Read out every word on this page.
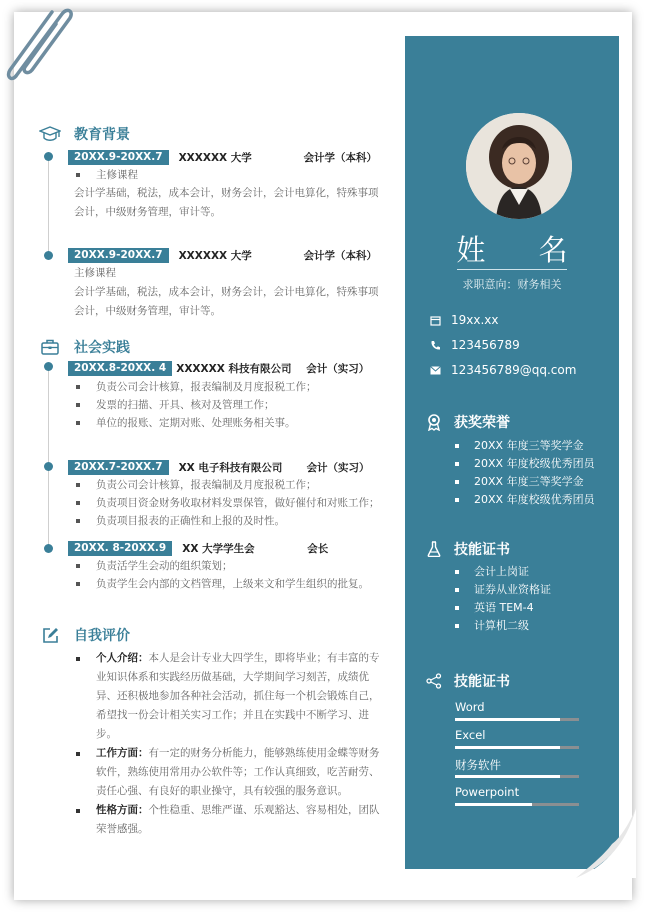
姓 名
求职意向：财务相关
19xx.xx
123456789
123456789@qq.com
获奖荣誉
20XX 年度三等奖学金
20XX 年度校级优秀团员
20XX 年度三等奖学金
20XX 年度校级优秀团员
技能证书
会计上岗证
证券从业资格证
英语 TEM-4
计算机二级
技能证书
Word
Excel
财务软件
Powerpoint
教育背景
20XX.9-20XX.7	XXXXXX 大学	会计学（本科）
主修课程
会计学基础，税法，成本会计，财务会计，会计电算化，特殊事项会计，中级财务管理，审计等。
20XX.9-20XX.7	XXXXXX 大学	会计学（本科）
主修课程
会计学基础，税法，成本会计，财务会计，会计电算化，特殊事项会计，中级财务管理，审计等。
社会实践
20XX.8-20XX. 4 XXXXXX 科技有限公司	会计（实习）
负责公司会计核算，报表编制及月度报税工作；
发票的扫描、开具、核对及管理工作；
单位的报账、定期对账、处理账务相关事。
20XX.7-20XX.7	XX 电子科技有限公司	会计（实习）
负责公司会计核算，报表编制及月度报税工作；
负责项目资金财务收取材料发票保管，做好催付和对账工作；
负责项目报表的正确性和上报的及时性。
20XX. 8-20XX.9	XX 大学学生会	会长
负责活学生会动的组织策划；
负责学生会内部的文档管理，上级来文和学生组织的批复。
自我评价
个人介绍：本人是会计专业大四学生，即将毕业；有丰富的专业知识体系和实践经历做基础，大学期间学习刻苦，成绩优异、还积极地参加各种社会活动，抓住每一个机会锻炼自己，希望找一份会计相关实习工作；并且在实践中不断学习、进步。
工作方面：有一定的财务分析能力，能够熟练使用金蝶等财务软件，熟练使用常用办公软件等；工作认真细致，吃苦耐劳、责任心强、有良好的职业操守，具有较强的服务意识。
性格方面：个性稳重、思维严谨、乐观豁达、容易相处，团队荣誉感强。
